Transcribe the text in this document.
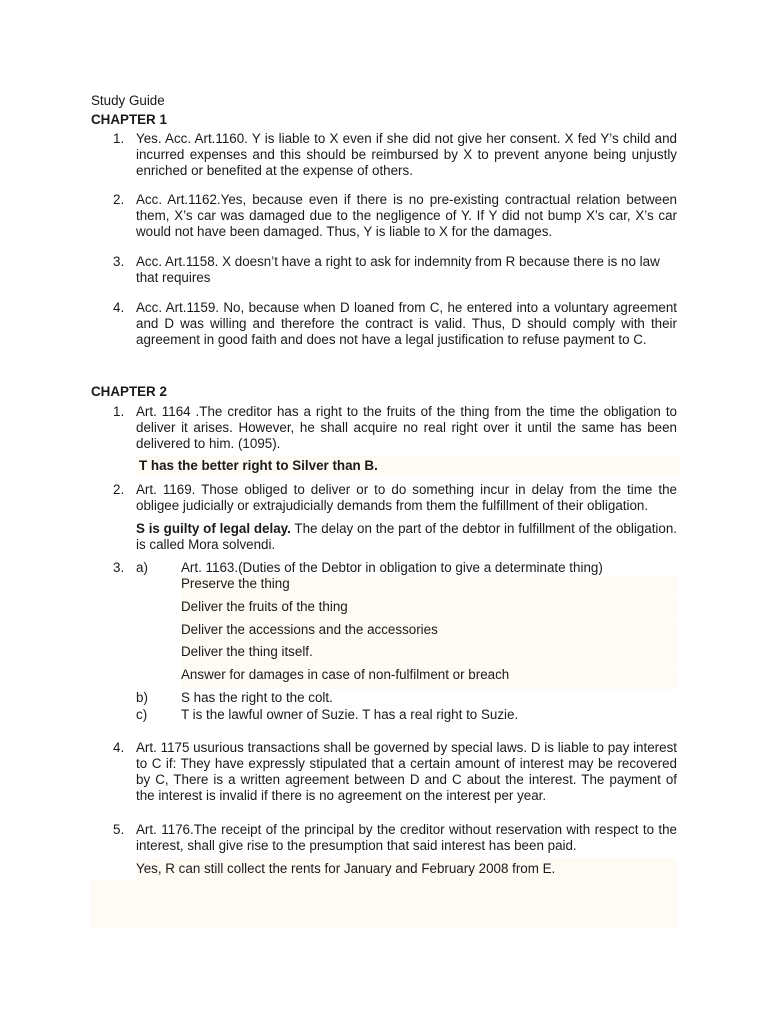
Study Guide
CHAPTER 1
1. Yes. Acc. Art.1160. Y is liable to X even if she did not give her consent. X fed Y’s child and incurred expenses and this should be reimbursed by X to prevent anyone being unjustly enriched or benefited at the expense of others.
2. Acc. Art.1162.Yes, because even if there is no pre-existing contractual relation between them, X’s car was damaged due to the negligence of Y. If Y did not bump X’s car, X’s car would not have been damaged. Thus, Y is liable to X for the damages.
3. Acc. Art.1158. X doesn’t have a right to ask for indemnity from R because there is no law that requires
4. Acc. Art.1159. No, because when D loaned from C, he entered into a voluntary agreement and D was willing and therefore the contract is valid. Thus, D should comply with their agreement in good faith and does not have a legal justification to refuse payment to C.
CHAPTER 2
1. Art. 1164 .The creditor has a right to the fruits of the thing from the time the obligation to deliver it arises. However, he shall acquire no real right over it until the same has been delivered to him. (1095).
T has the better right to Silver than B.
2. Art. 1169. Those obliged to deliver or to do something incur in delay from the time the obligee judicially or extrajudicially demands from them the fulfillment of their obligation.
S is guilty of legal delay. The delay on the part of the debtor in fulfillment of the obligation. is called Mora solvendi.
3. a) Art. 1163.(Duties of the Debtor in obligation to give a determinate thing)
Preserve the thing
Deliver the fruits of the thing
Deliver the accessions and the accessories
Deliver the thing itself.
Answer for damages in case of non-fulfilment or breach
b) S has the right to the colt.
c)	T is the lawful owner of Suzie. T has a real right to Suzie.
4. Art. 1175 usurious transactions shall be governed by special laws. D is liable to pay interest to C if: They have expressly stipulated that a certain amount of interest may be recovered by C, There is a written agreement between D and C about the interest. The payment of the interest is invalid if there is no agreement on the interest per year.
5. Art. 1176.The receipt of the principal by the creditor without reservation with respect to the interest, shall give rise to the presumption that said interest has been paid.
Yes, R can still collect the rents for January and February 2008 from E.
